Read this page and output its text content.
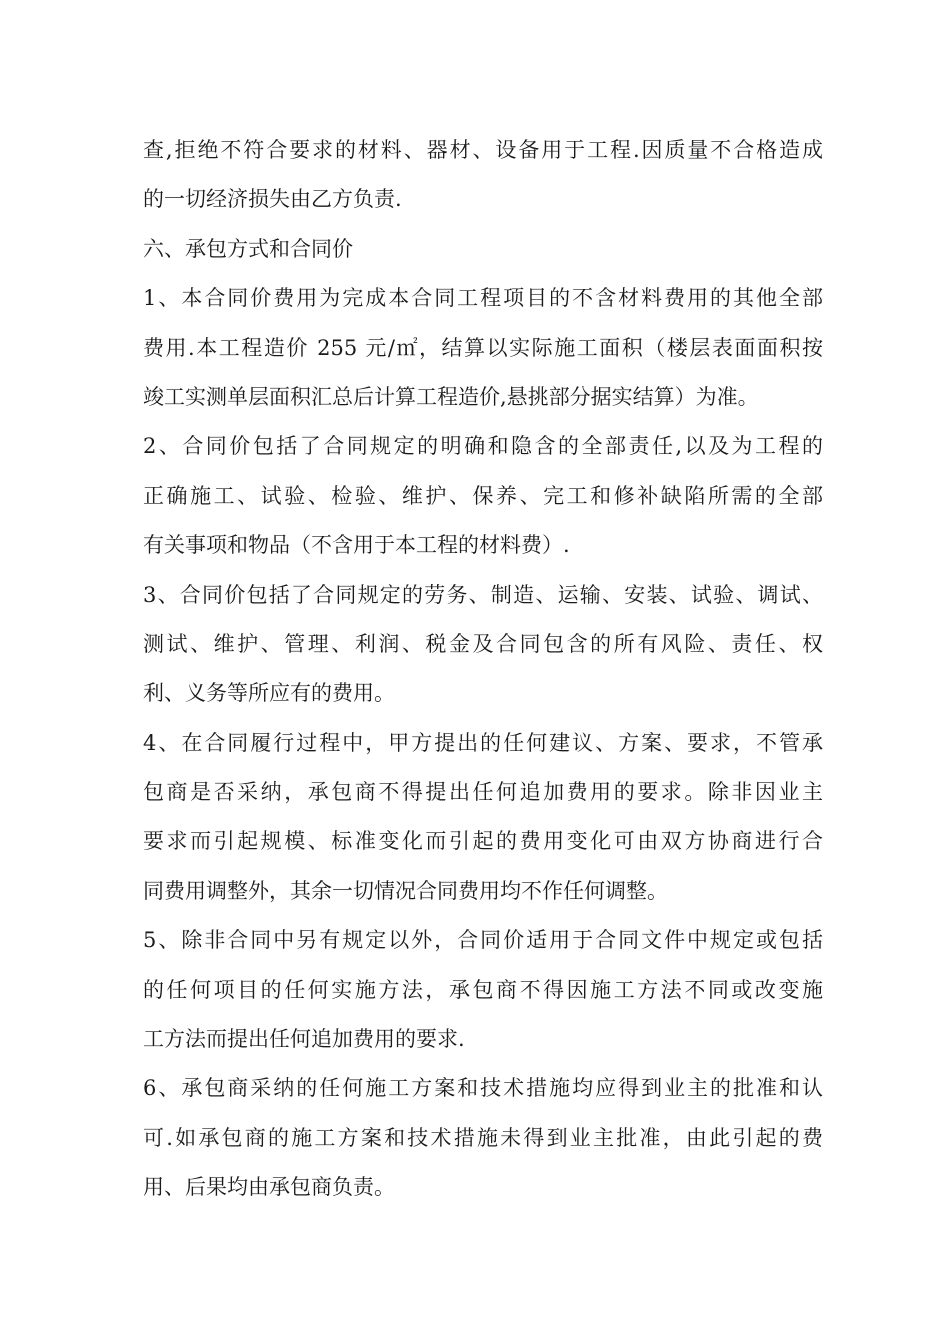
查,拒绝不符合要求的材料、器材、设备用于工程.因质量不合格造成
的一切经济损失由乙方负责.
六、承包方式和合同价
1、本合同价费用为完成本合同工程项目的不含材料费用的其他全部
费用.本工程造价 255 元/㎡，结算以实际施工面积（楼层表面面积按
竣工实测单层面积汇总后计算工程造价,悬挑部分据实结算）为准。
2、合同价包括了合同规定的明确和隐含的全部责任,以及为工程的
正确施工、试验、检验、维护、保养、完工和修补缺陷所需的全部
有关事项和物品（不含用于本工程的材料费）.
3、合同价包括了合同规定的劳务、制造、运输、安装、试验、调试、
测试、维护、管理、利润、税金及合同包含的所有风险、责任、权
利、义务等所应有的费用。
4、在合同履行过程中，甲方提出的任何建议、方案、要求，不管承
包商是否采纳，承包商不得提出任何追加费用的要求。除非因业主
要求而引起规模、标准变化而引起的费用变化可由双方协商进行合
同费用调整外，其余一切情况合同费用均不作任何调整。
5、除非合同中另有规定以外，合同价适用于合同文件中规定或包括
的任何项目的任何实施方法，承包商不得因施工方法不同或改变施
工方法而提出任何追加费用的要求.
6、承包商采纳的任何施工方案和技术措施均应得到业主的批准和认
可.如承包商的施工方案和技术措施未得到业主批准，由此引起的费
用、后果均由承包商负责。
